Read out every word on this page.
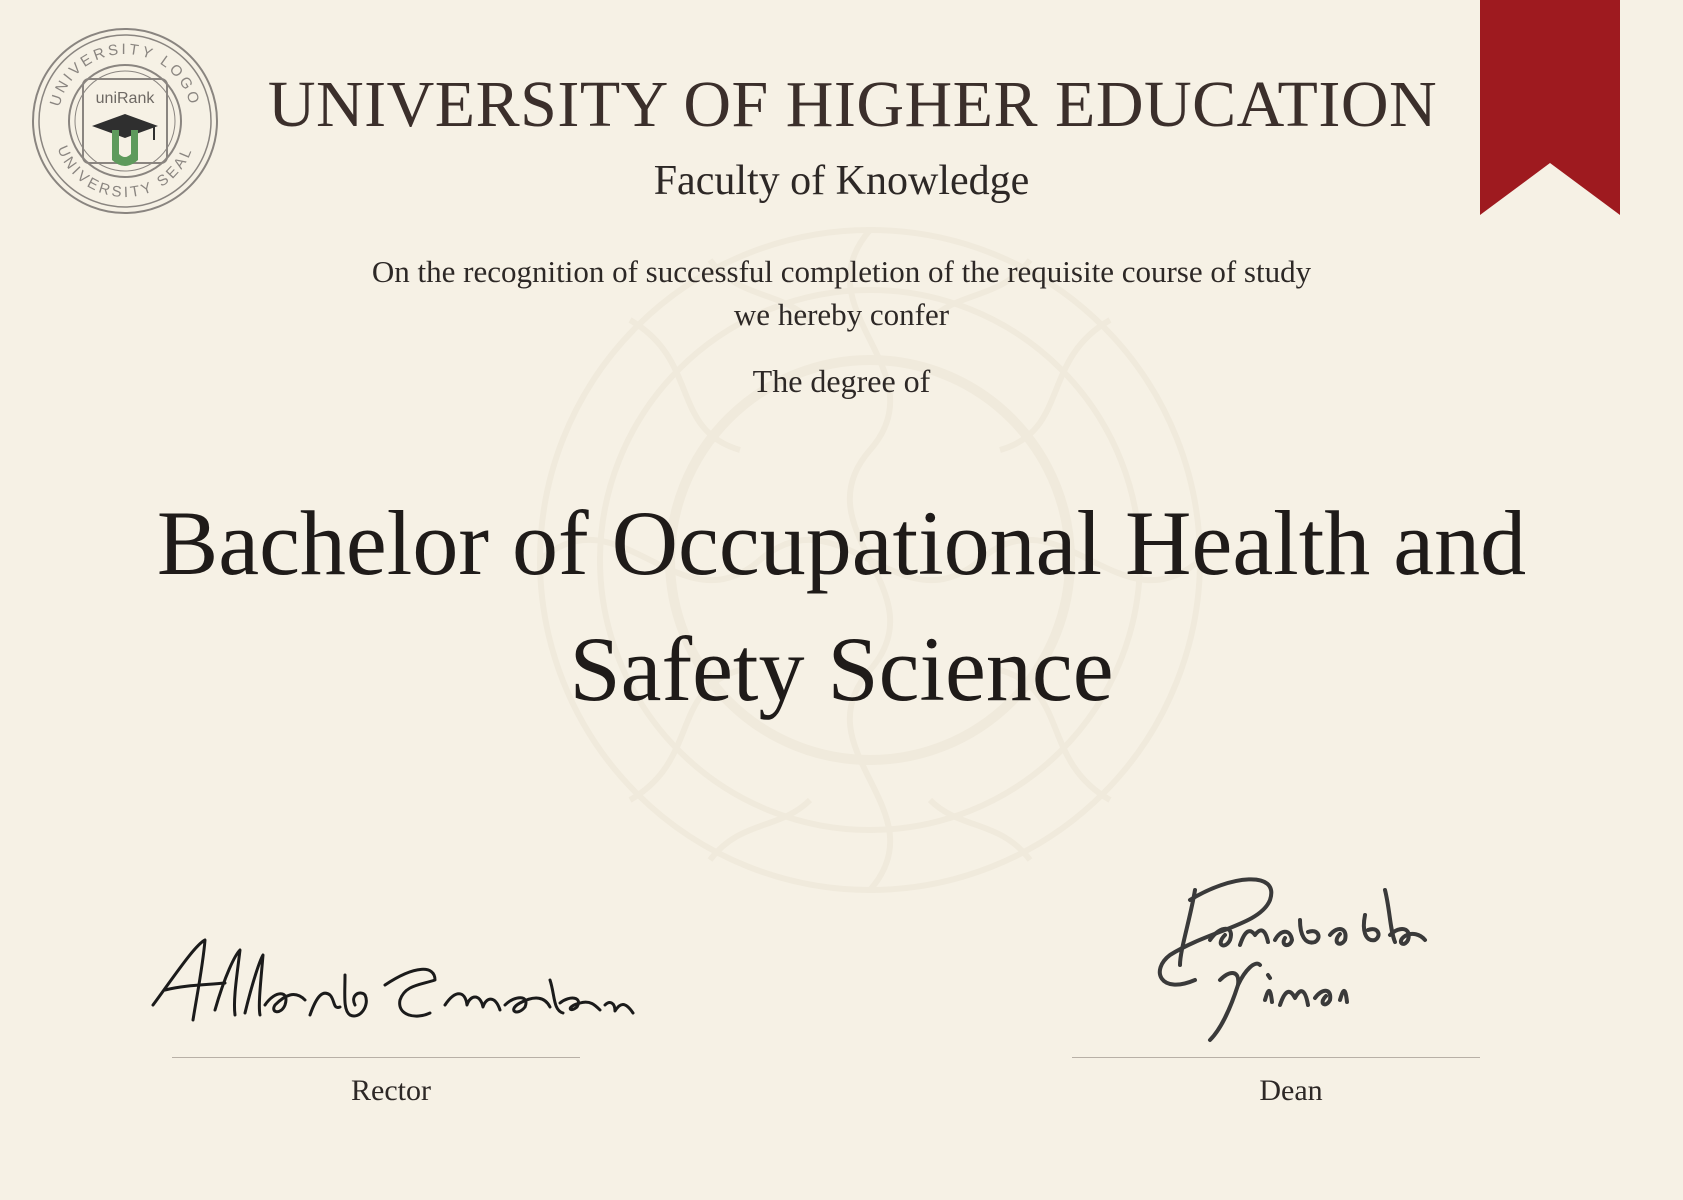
UNIVERSITY LOGO
UNIVERSITY SEAL
uniRank	UNIVERSITY OF HIGHER EDUCATION
Faculty of Knowledge
On the recognition of successful completion of the requisite course of study
we hereby confer
The degree of
Bachelor of Occupational Health and
Safety Science
Rector	Dean
